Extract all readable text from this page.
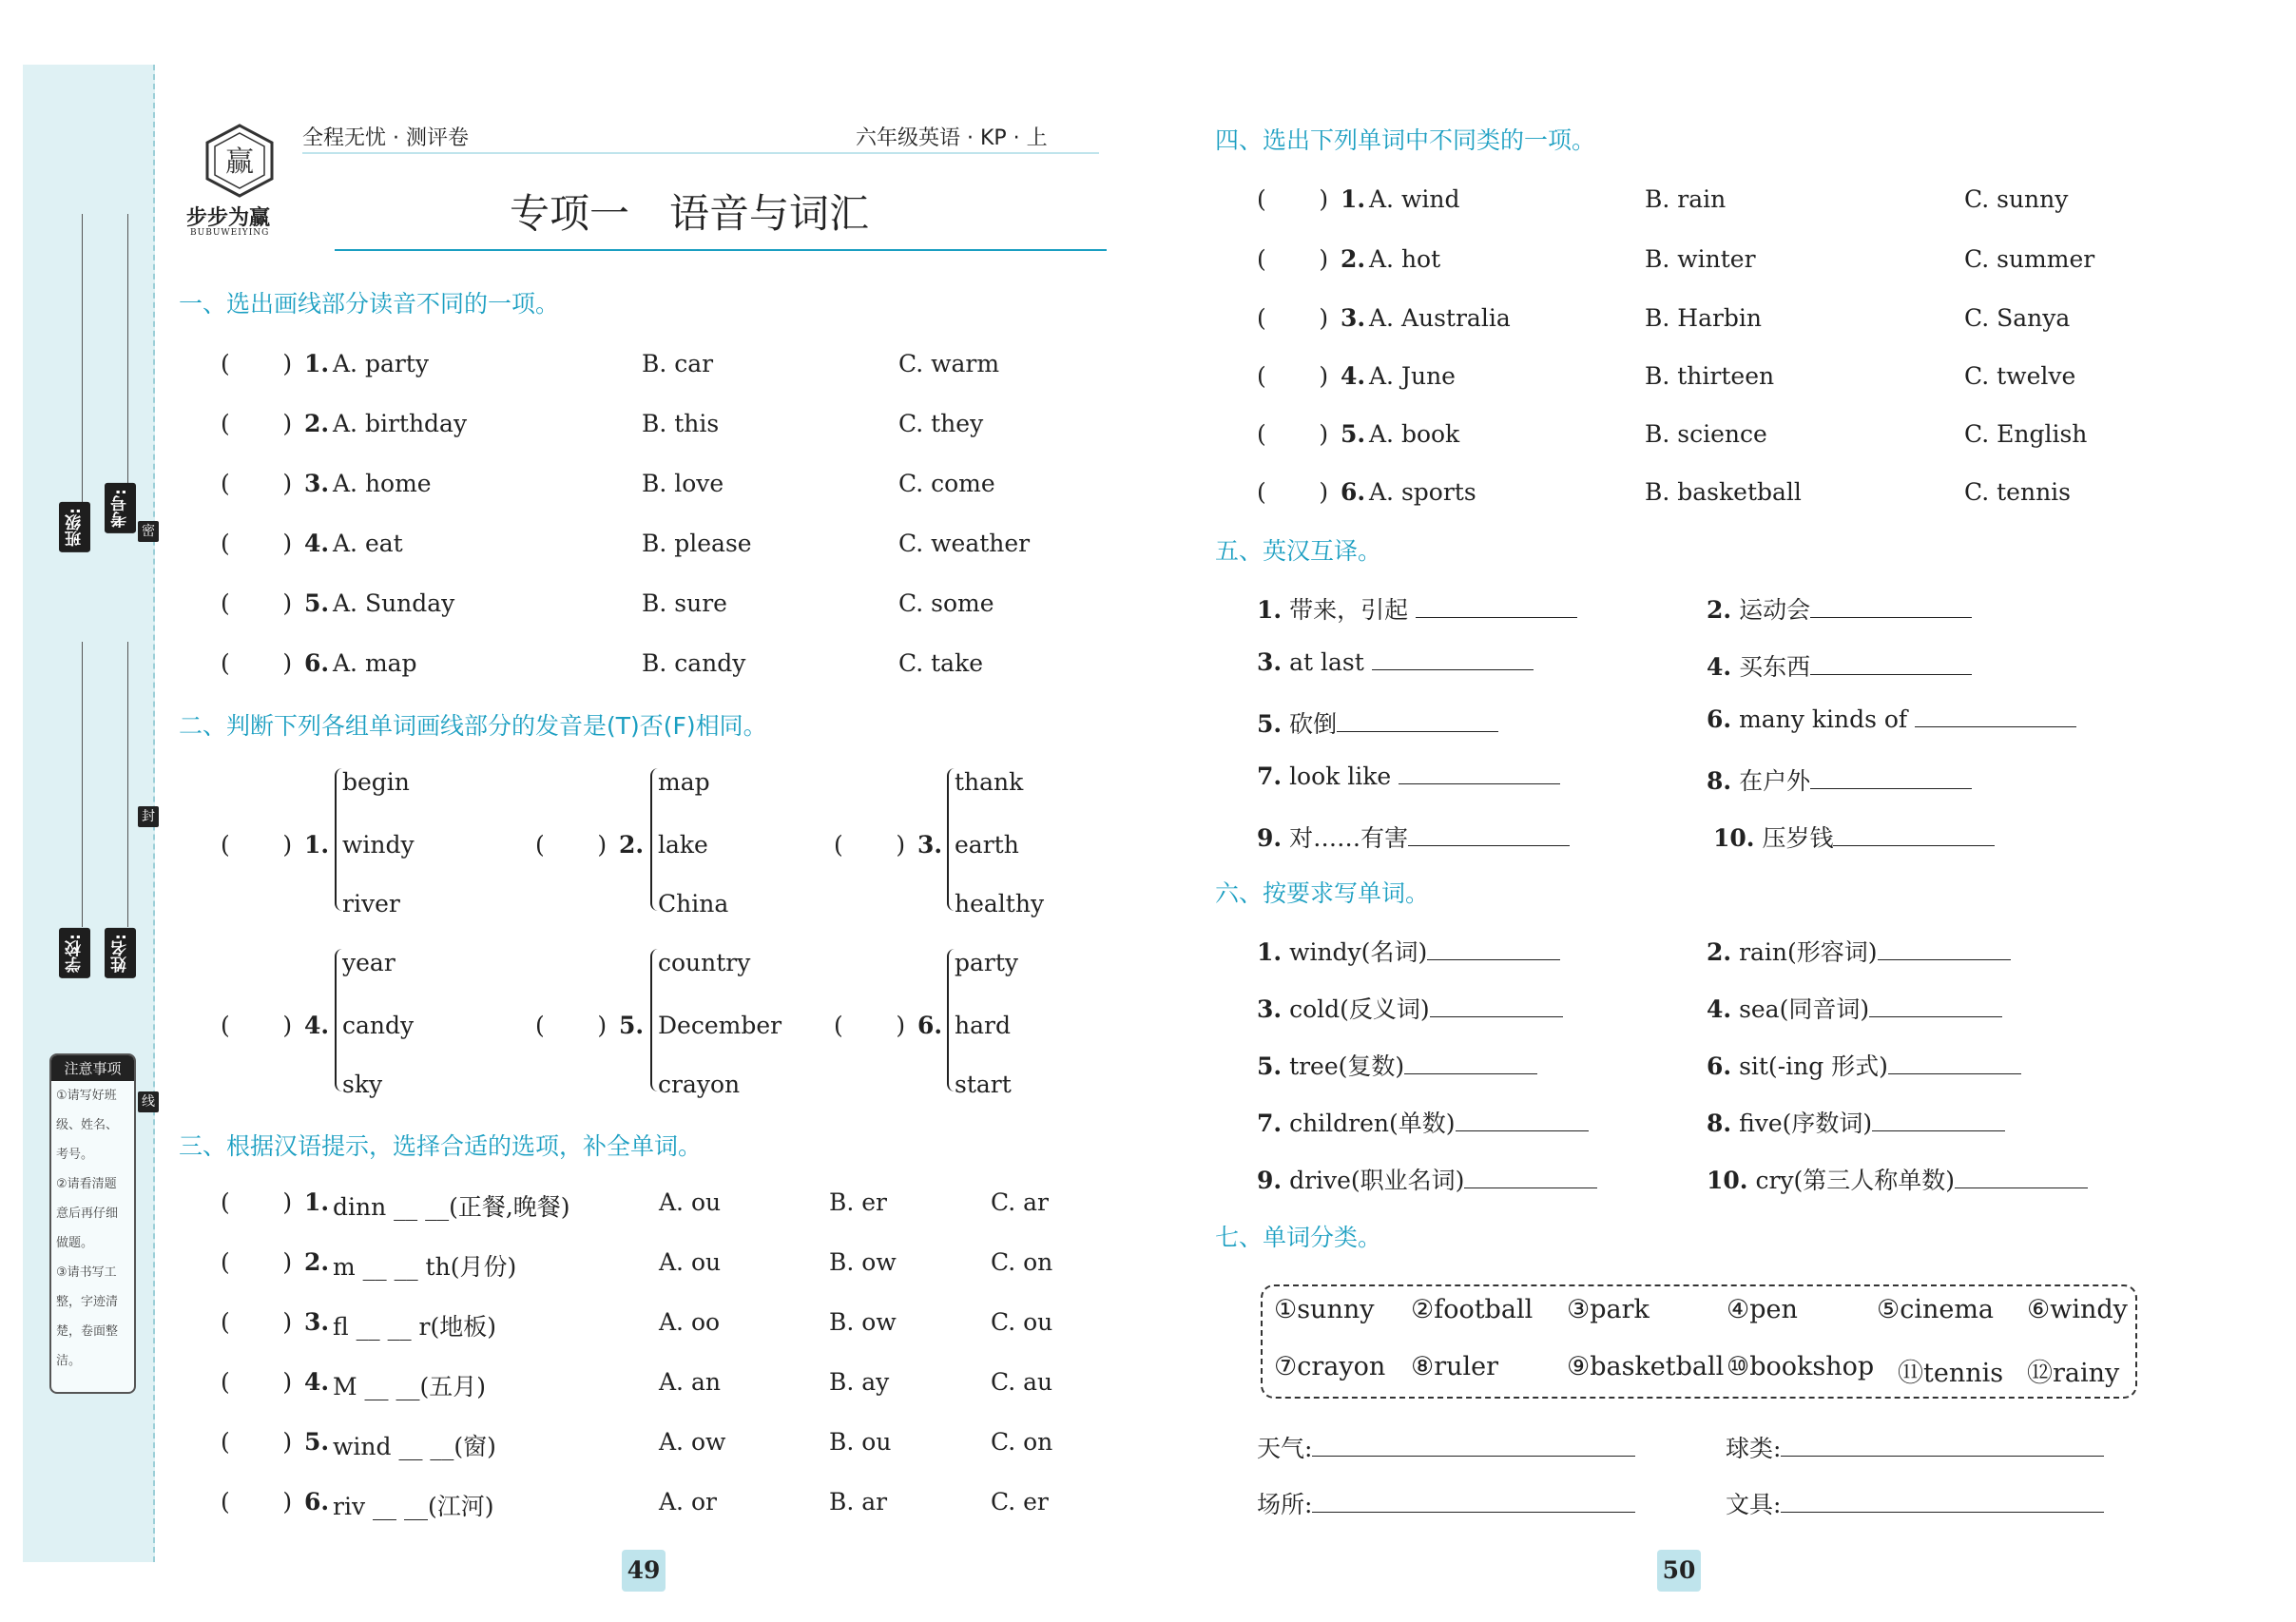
班级:	考号:
学校:	姓名:
密
封
线
注意事项
①请写好班
级、姓名、
考号。
②请看清题
意后再仔细
做题。
③请书写工
整，字迹清
楚，卷面整
洁。
赢
步步为赢
BUBUWEIYING
全程无忧 · 测评卷	六年级英语 · KP · 上
专项一　语音与词汇
一、选出画线部分读音不同的一项。
二、判断下列各组单词画线部分的发音是(T)否(F)相同。
三、根据汉语提示，选择合适的选项，补全单词。
四、选出下列单词中不同类的一项。
五、英汉互译。
六、按要求写单词。
七、单词分类。
(       ) 1. A. party	B. car	C. warm
(       ) 2. A. birthday	B. this	C. they
(       ) 3. A. home	B. love	C. come
(       ) 4. A. eat	B. please	C. weather
(       ) 5. A. Sunday	B. sure	C. some
(       ) 6. A. map	B. candy	C. take
(       ) 1.
begin
windy
river
(       ) 2.
map
lake
China
(       ) 3.
thank
earth
healthy
(       ) 4.
year
candy
sky
(       ) 5.
country
December
crayon
(       ) 6.
party
hard
start
(       ) 1. dinn __ __(正餐,晚餐)	A. ou	B. er	C. ar
(       ) 2. m __ __ th(月份)	A. ou	B. ow	C. on
(       ) 3. fl __ __ r(地板)	A. oo	B. ow	C. ou
(       ) 4. M __ __(五月)	A. an	B. ay	C. au
(       ) 5. wind __ __(窗)	A. ow	B. ou	C. on
(       ) 6. riv __ __(江河)	A. or	B. ar	C. er
49	50
(       ) 1. A. wind	B. rain	C. sunny
(       ) 2. A. hot	B. winter	C. summer
(       ) 3. A. Australia	B. Harbin	C. Sanya
(       ) 4. A. June	B. thirteen	C. twelve
(       ) 5. A. book	B. science	C. English
(       ) 6. A. sports	B. basketball	C. tennis
1. 带来，引起	2. 运动会
3. at last	4. 买东西
5. 砍倒	6. many kinds of
7. look like	8. 在户外
9. 对……有害	10. 压岁钱
1. windy(名词)	2. rain(形容词)
3. cold(反义词)	4. sea(同音词)
5. tree(复数)	6. sit(-ing 形式)
7. children(单数)	8. five(序数词)
9. drive(职业名词)	10. cry(第三人称单数)
①sunny ②football ③park	④pen	⑤cinema ⑥windy
⑦crayon ⑧ruler	⑨basketball ⑩bookshop ⑪tennis ⑫rainy
天气:	球类:
场所:	文具:
